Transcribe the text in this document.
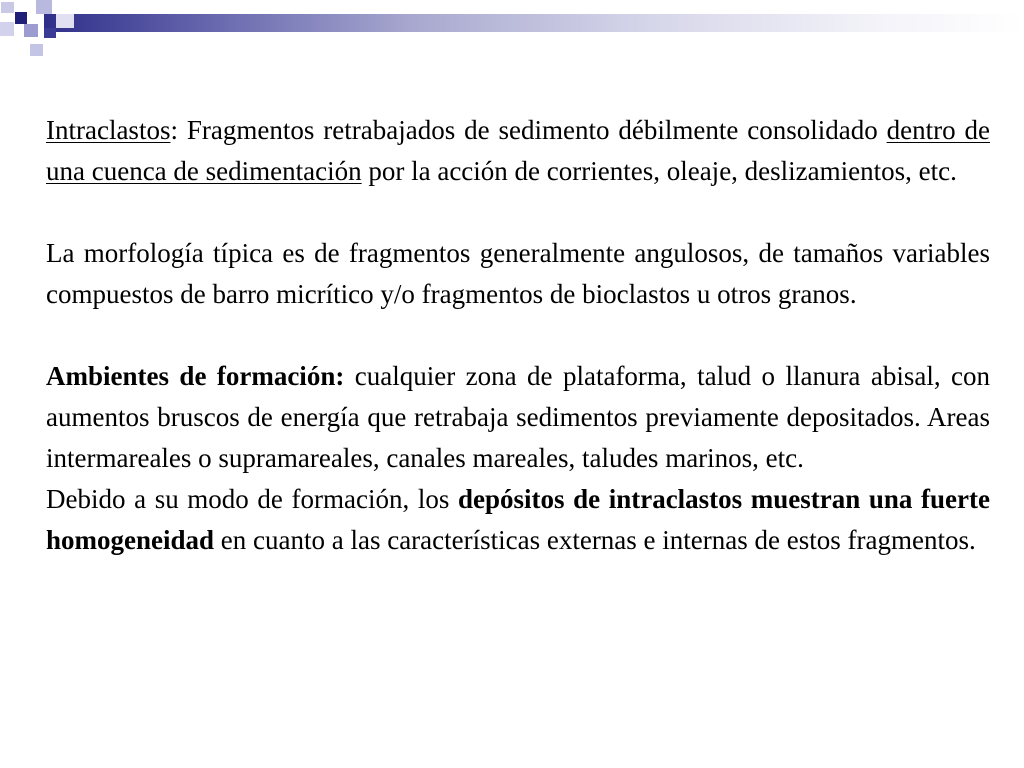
Intraclastos: Fragmentos retrabajados de sedimento débilmente consolidado dentro de una cuenca de sedimentación por la acción de corrientes, oleaje, deslizamientos, etc.

La morfología típica es de fragmentos generalmente angulosos, de tamaños variables compuestos de barro micrítico y/o fragmentos de bioclastos u otros granos.

Ambientes de formación: cualquier zona de plataforma, talud o llanura abisal, con aumentos bruscos de energía que retrabaja sedimentos previamente depositados. Areas intermareales o supramareales, canales mareales, taludes marinos, etc.

Debido a su modo de formación, los depósitos de intraclastos muestran una fuerte homogeneidad en cuanto a las características externas e internas de estos fragmentos.
